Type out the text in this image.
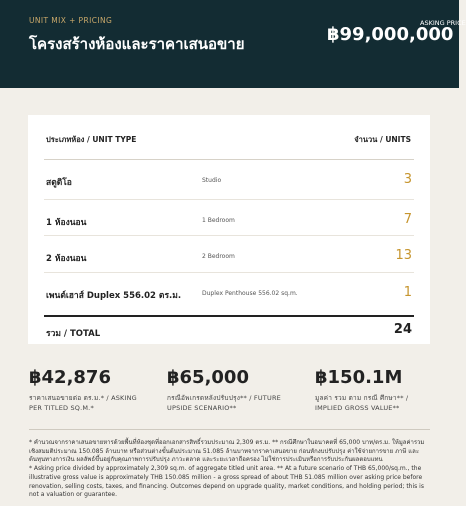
UNIT MIX + PRICING
โครงสร้างห้องและราคาเสนอขาย	฿99,000,000
ASKING PRICE
ประเภทห้อง / UNIT TYPE	จำนวน / UNITS
สตูดิโอ	Studio	3
1 ห้องนอน	1 Bedroom	7
2 ห้องนอน	2 Bedroom	13
เพนต์เฮาส์ Duplex 556.02 ตร.ม.	Duplex Penthouse 556.02 sq.m.	1
รวม / TOTAL	24
฿42,876
ราคาเสนอขายต่อ ตร.ม.* / ASKING PER TITLED SQ.M.*
฿65,000
กรณีอัพเกรดหลังปรับปรุง** / FUTURE UPSIDE SCENARIO**
฿150.1M
มูลค่า รวม ตาม กรณี ศึกษา** / IMPLIED GROSS VALUE**

* คำนวณจากราคาเสนอขายหารด้วยพื้นที่ห้องชุดที่ออกเอกสารสิทธิ์รวมประมาณ 2,309 ตร.ม. ** กรณีศึกษาในอนาคตที่ 65,000 บาท/ตร.ม. ให้มูลค่ารวมเชิงสมมติประมาณ 150.085 ล้านบาท หรือส่วนต่างขั้นต้นประมาณ 51.085 ล้านบาทจากราคาเสนอขาย ก่อนหักงบปรับปรุง ค่าใช้จ่ายการขาย ภาษี และต้นทุนทางการเงิน ผลลัพธ์ขึ้นอยู่กับคุณภาพการปรับปรุง ภาวะตลาด และระยะเวลาถือครอง ไม่ใช่การประเมินหรือการรับประกันผลตอบแทน

* Asking price divided by approximately 2,309 sq.m. of aggregate titled unit area. ** At a future scenario of THB 65,000/sq.m., the illustrative gross value is approximately THB 150.085 million - a gross spread of about THB 51.085 million over asking price before renovation, selling costs, taxes, and financing. Outcomes depend on upgrade quality, market conditions, and holding period; this is not a valuation or guarantee.
